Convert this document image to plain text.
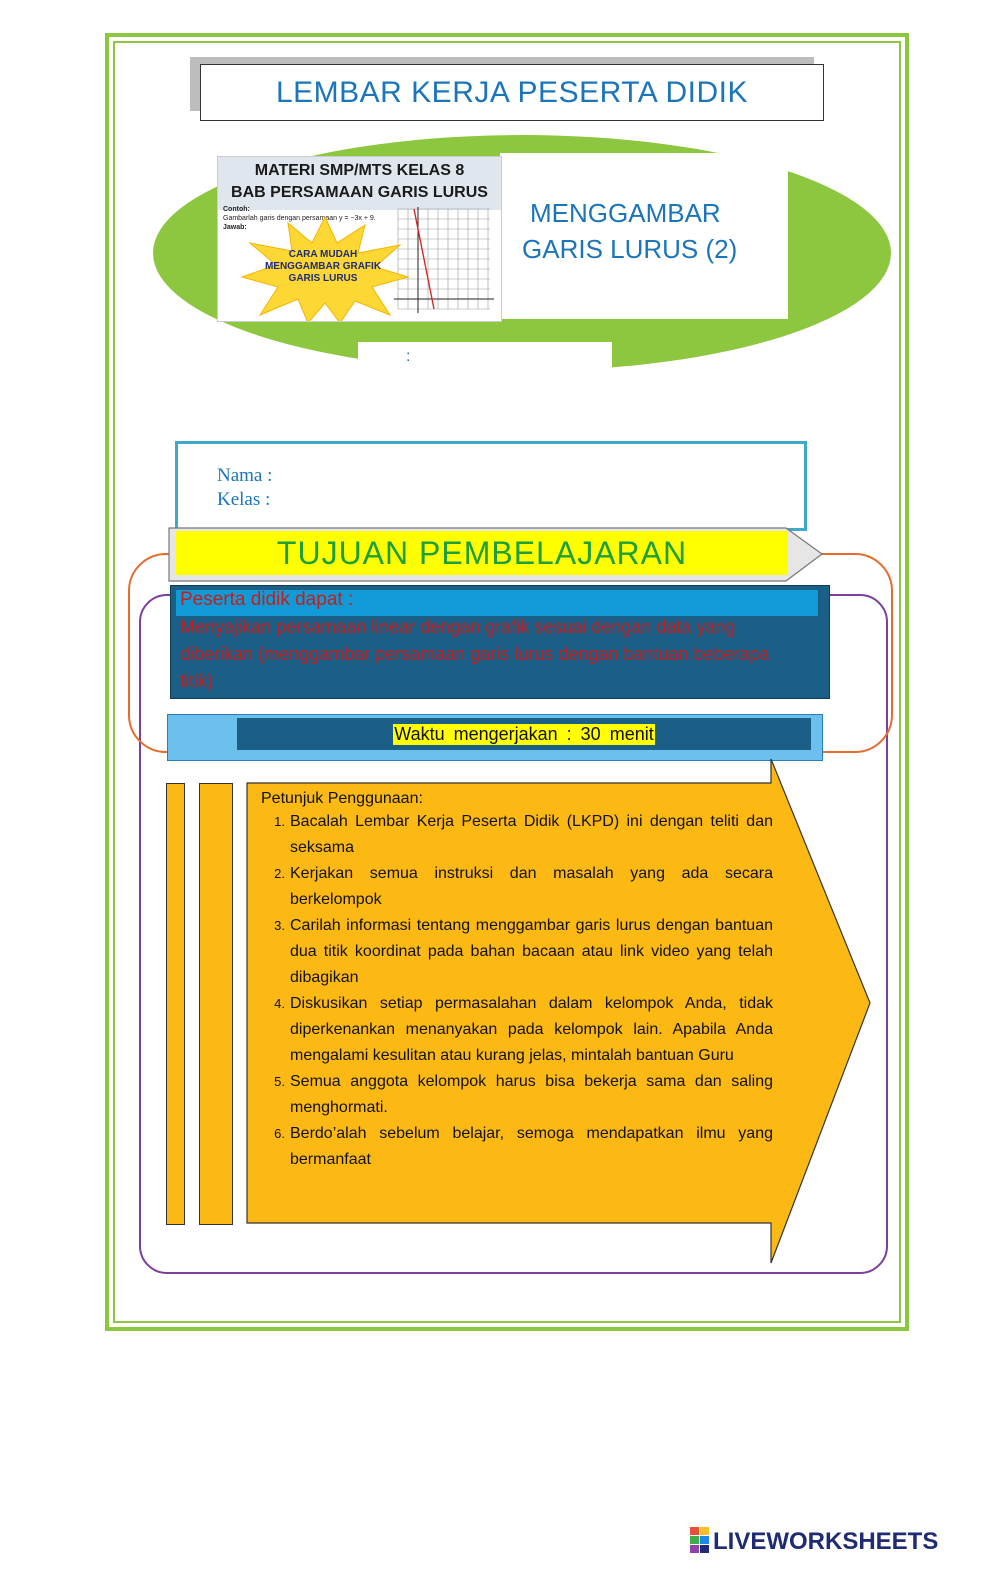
LEMBAR KERJA PESERTA DIDIK
MENGGAMBAR
GARIS LURUS (2)
:
MATERI SMP/MTS KELAS 8
BAB PERSAMAAN GARIS LURUS
Contoh:
Gambarlah garis dengan persamaan y = −3x + 9.
Jawab:
CARA MUDAH MENGGAMBAR GRAFIK GARIS LURUS
Nama :
Kelas :
TUJUAN PEMBELAJARAN
Peserta didik dapat :
Menyajikan persamaan linear dengan grafik sesuai dengan data yang diberikan (menggambar persamaan garis lurus dengan bantuan beberapa titik)
Waktu mengerjakan : 30 menit
Petunjuk Penggunaan:
1. Bacalah Lembar Kerja Peserta Didik (LKPD) ini dengan teliti dan seksama
2. Kerjakan semua instruksi dan masalah yang ada secara berkelompok
3. Carilah informasi tentang menggambar garis lurus dengan bantuan dua titik koordinat pada bahan bacaan atau link video yang telah dibagikan
4. Diskusikan setiap permasalahan dalam kelompok Anda, tidak diperkenankan menanyakan pada kelompok lain. Apabila Anda mengalami kesulitan atau kurang jelas, mintalah bantuan Guru
5. Semua anggota kelompok harus bisa bekerja sama dan saling menghormati.
6. Berdo’alah sebelum belajar, semoga mendapatkan ilmu yang bermanfaat
LIVEWORKSHEETS
